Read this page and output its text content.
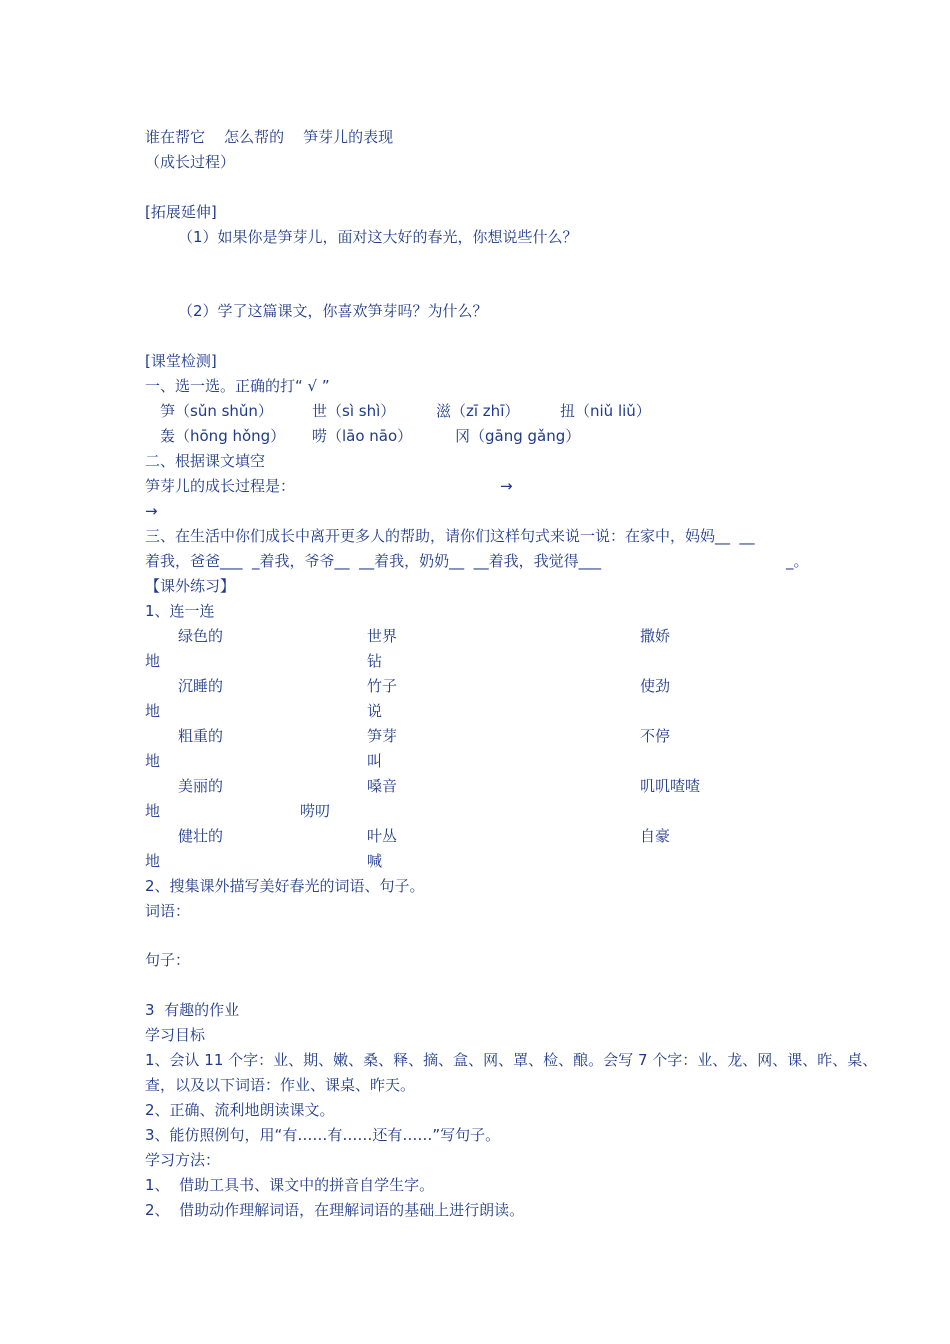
谁在帮它    怎么帮的    笋芽儿的表现
（成长过程）
[拓展延伸]
（1）如果你是笋芽儿，面对这大好的春光，你想说些什么？
（2）学了这篇课文，你喜欢笋芽吗？为什么？
[课堂检测]
一、选一选。正确的打“ √ ”
笋（sǔn shǔn）	世（sì shì）	滋（zī zhī）	扭（niǔ liǔ）
轰（hōng hǒng） 唠（lāo nāo）	冈（gāng gǎng）
二、根据课文填空
笋芽儿的成长过程是：	→
→
三、在生活中你们成长中离开更多人的帮助，请你们这样句式来说一说：在家中，妈妈__  __
着我，爸爸___  _着我，爷爷__  __着我，奶奶__  __着我，我觉得___	_。
【课外练习】
1、连一连
绿色的	世界	撒娇
地	钻
沉睡的	竹子	使劲
地	说
粗重的	笋芽	不停
地	叫
美丽的	嗓音	叽叽喳喳
地	唠叨
健壮的	叶丛	自豪
地	喊
2、搜集课外描写美好春光的词语、句子。
词语：
句子：
3  有趣的作业
学习目标
1、会认 11 个字：业、期、嫩、桑、释、摘、盒、网、罩、检、酿。会写 7 个字：业、龙、网、课、昨、桌、
查，以及以下词语：作业、课桌、昨天。
2、正确、流利地朗读课文。
3、能仿照例句，用“有……有……还有……”写句子。
学习方法：
1、  借助工具书、课文中的拼音自学生字。
2、  借助动作理解词语，在理解词语的基础上进行朗读。
